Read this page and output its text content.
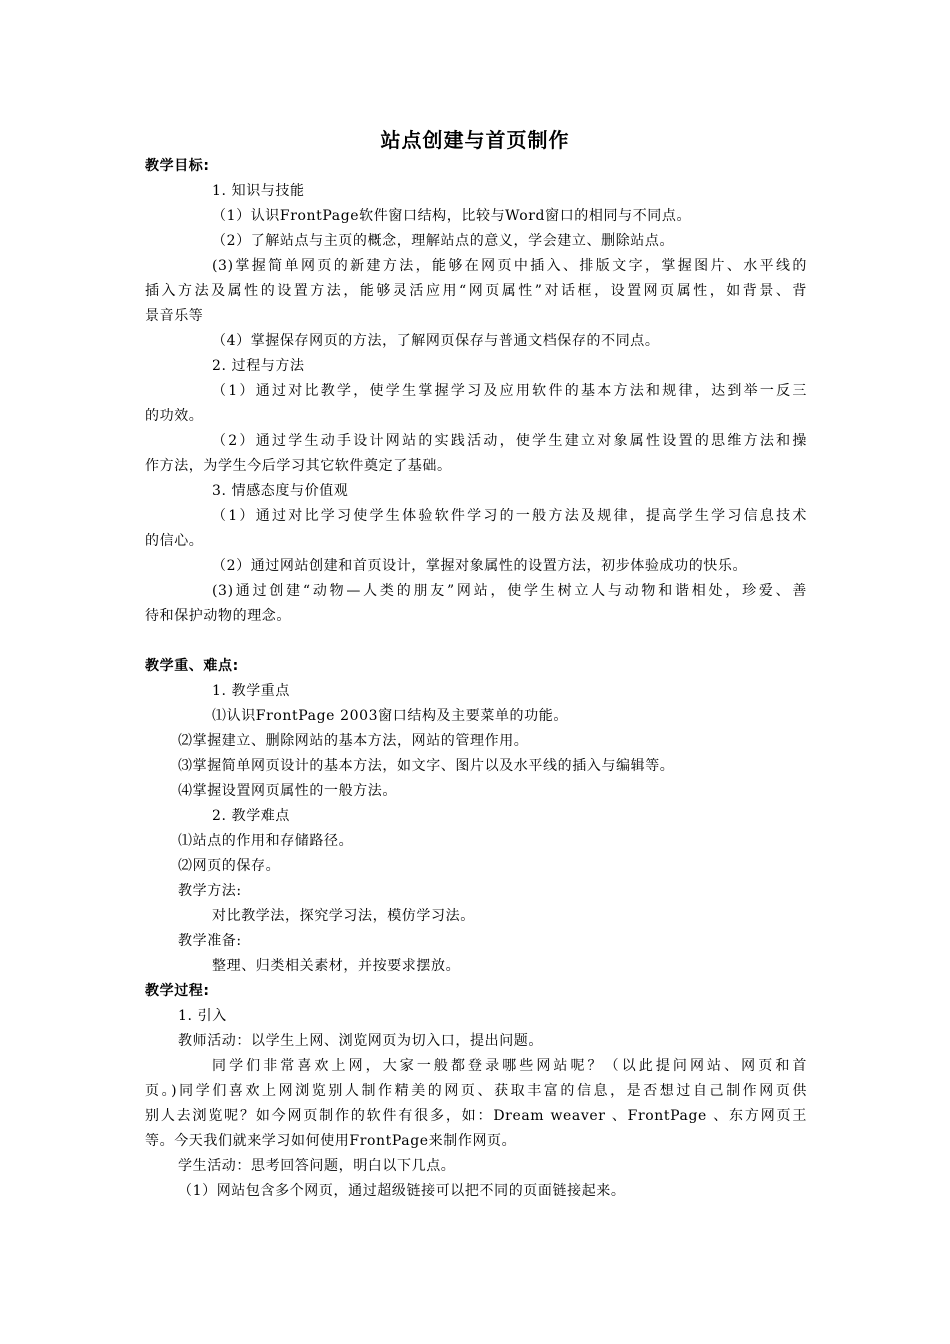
站点创建与首页制作
教学目标:
1. 知识与技能
（1）认识FrontPage软件窗口结构，比较与Word窗口的相同与不同点。
（2）了解站点与主页的概念，理解站点的意义，学会建立、删除站点。
(3)掌握简单网页的新建方法，能够在网页中插入、排版文字，掌握图片、水平线的
插入方法及属性的设置方法，能够灵活应用“网页属性”对话框，设置网页属性，如背景、背
景音乐等
（4）掌握保存网页的方法，了解网页保存与普通文档保存的不同点。
2. 过程与方法
（1）通过对比教学，使学生掌握学习及应用软件的基本方法和规律，达到举一反三
的功效。
（2）通过学生动手设计网站的实践活动，使学生建立对象属性设置的思维方法和操
作方法，为学生今后学习其它软件奠定了基础。
3. 情感态度与价值观
（1）通过对比学习使学生体验软件学习的一般方法及规律，提高学生学习信息技术
的信心。
（2）通过网站创建和首页设计，掌握对象属性的设置方法，初步体验成功的快乐。
(3)通过创建“动物—人类的朋友”网站，使学生树立人与动物和谐相处，珍爱、善
待和保护动物的理念。
教学重、难点:
1. 教学重点
⑴认识FrontPage 2003窗口结构及主要菜单的功能。
⑵掌握建立、删除网站的基本方法，网站的管理作用。
⑶掌握简单网页设计的基本方法，如文字、图片以及水平线的插入与编辑等。
⑷掌握设置网页属性的一般方法。
2. 教学难点
⑴站点的作用和存储路径。
⑵网页的保存。
教学方法:
对比教学法，探究学习法，模仿学习法。
教学准备:
整理、归类相关素材，并按要求摆放。
教学过程:
1. 引入
教师活动：以学生上网、浏览网页为切入口，提出问题。
同学们非常喜欢上网，大家一般都登录哪些网站呢？（以此提问网站、网页和首
页。)同学们喜欢上网浏览别人制作精美的网页、获取丰富的信息，是否想过自己制作网页供
别人去浏览呢？如今网页制作的软件有很多，如：Dream weaver 、FrontPage 、东方网页王
等。今天我们就来学习如何使用FrontPage来制作网页。
学生活动：思考回答问题，明白以下几点。
（1）网站包含多个网页，通过超级链接可以把不同的页面链接起来。
